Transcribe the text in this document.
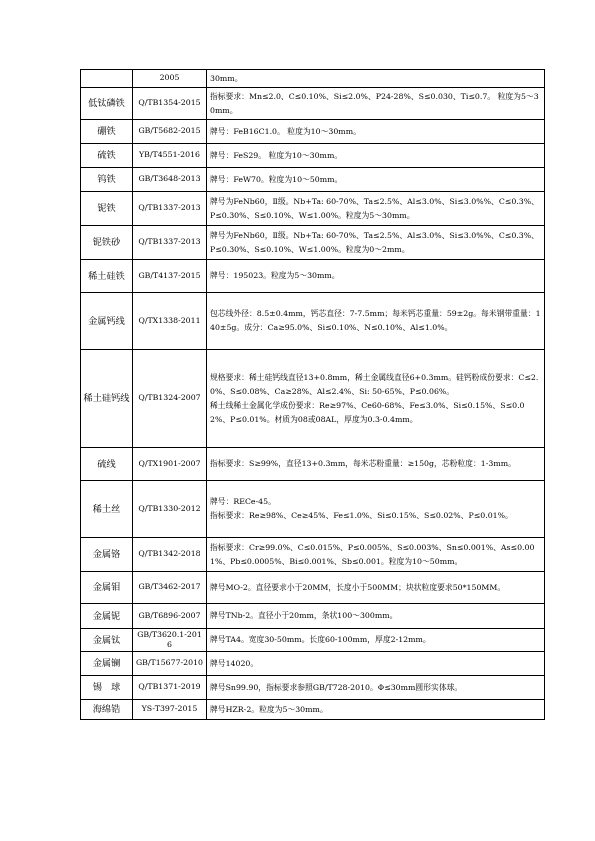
	2005	30mm。

低钛磷铁	Q/TB1354-2015	指标要求：Mn≤2.0、C≤0.10%、Si≤2.0%、P24-28%、S≤0.030、Ti≤0.7。 粒度为5～30mm。

硼铁	GB/T5682-2015	牌号：FeB16C1.0。 粒度为10～30mm。

硫铁	YB/T4551-2016	牌号：FeS29。 粒度为10～30mm。

钨铁	GB/T3648-2013	牌号：FeW70。粒度为10～50mm。

铌铁	Q/TB1337-2013	牌号为FeNb60，Ⅱ级。Nb+Ta: 60-70%、Ta≤2.5%、Al≤3.0%、Si≤3.0%%、C≤0.3%、P≤0.30%、S≤0.10%、W≤1.00%。粒度为5～30mm。

铌铁砂	Q/TB1337-2013	牌号为FeNb60，Ⅱ级。Nb+Ta: 60-70%、Ta≤2.5%、Al≤3.0%、Si≤3.0%%、C≤0.3%、P≤0.30%、S≤0.10%、W≤1.00%。粒度为0～2mm。

稀土硅铁	GB/T4137-2015	牌号：195023。粒度为5～30mm。

金属钙线	Q/TX1338-2011	包芯线外径：8.5±0.4mm，钙芯直径：7-7.5mm；每米钙芯重量：59±2g。每米钢带重量：140±5g。成分：Ca≥95.0%、Si≤0.10%、N≤0.10%、Al≤1.0%。

稀土硅钙线	Q/TB1324-2007	规格要求：稀土硅钙线直径13+0.8mm，稀土金属线直径6+0.3mm。硅钙粉成份要求：C≤2.0%、S≤0.08%、Ca≥28%、Al≤2.4%、Si: 50-65%、P≤0.06%。
稀土线稀土金属化学成份要求：Re≥97%、Ce60-68%、Fe≤3.0%、Si≤0.15%、S≤0.02%、P≤0.01%。材质为08或08AL，厚度为0.3-0.4mm。

硫线	Q/TX1901-2007	指标要求：S≥99%，直径13+0.3mm，每米芯粉重量：≥150g，芯粉粒度：1-3mm。

稀土丝	Q/TB1330-2012	牌号：RECe-45。
指标要求：Re≥98%、Ce≥45%、Fe≤1.0%、Si≤0.15%、S≤0.02%、P≤0.01%。

金属铬	Q/TB1342-2018	指标要求：Cr≥99.0%、C≤0.015%、P≤0.005%、S≤0.003%、Sn≤0.001%、As≤0.001%、Pb≤0.0005%、Bi≤0.001%、Sb≤0.001。粒度为10～50mm。

金属钼	GB/T3462-2017	牌号MO-2。直径要求小于20MM，长度小于500MM；块状粒度要求50*150MM。

金属铌	GB/T6896-2007	牌号TNb-2。直径小于20mm，条状100～300mm。

金属钛	GB/T3620.1-2016	牌号TA4。宽度30-50mm。长度60-100mm，厚度2-12mm。

金属镧	GB/T15677-2010	牌号14020。

锡　球	Q/TB1371-2019	牌号Sn99.90，指标要求参照GB/T728-2010。Φ≤30mm圆形实体球。

海绵锆	YS-T397-2015	牌号HZR-2。粒度为5～30mm。
